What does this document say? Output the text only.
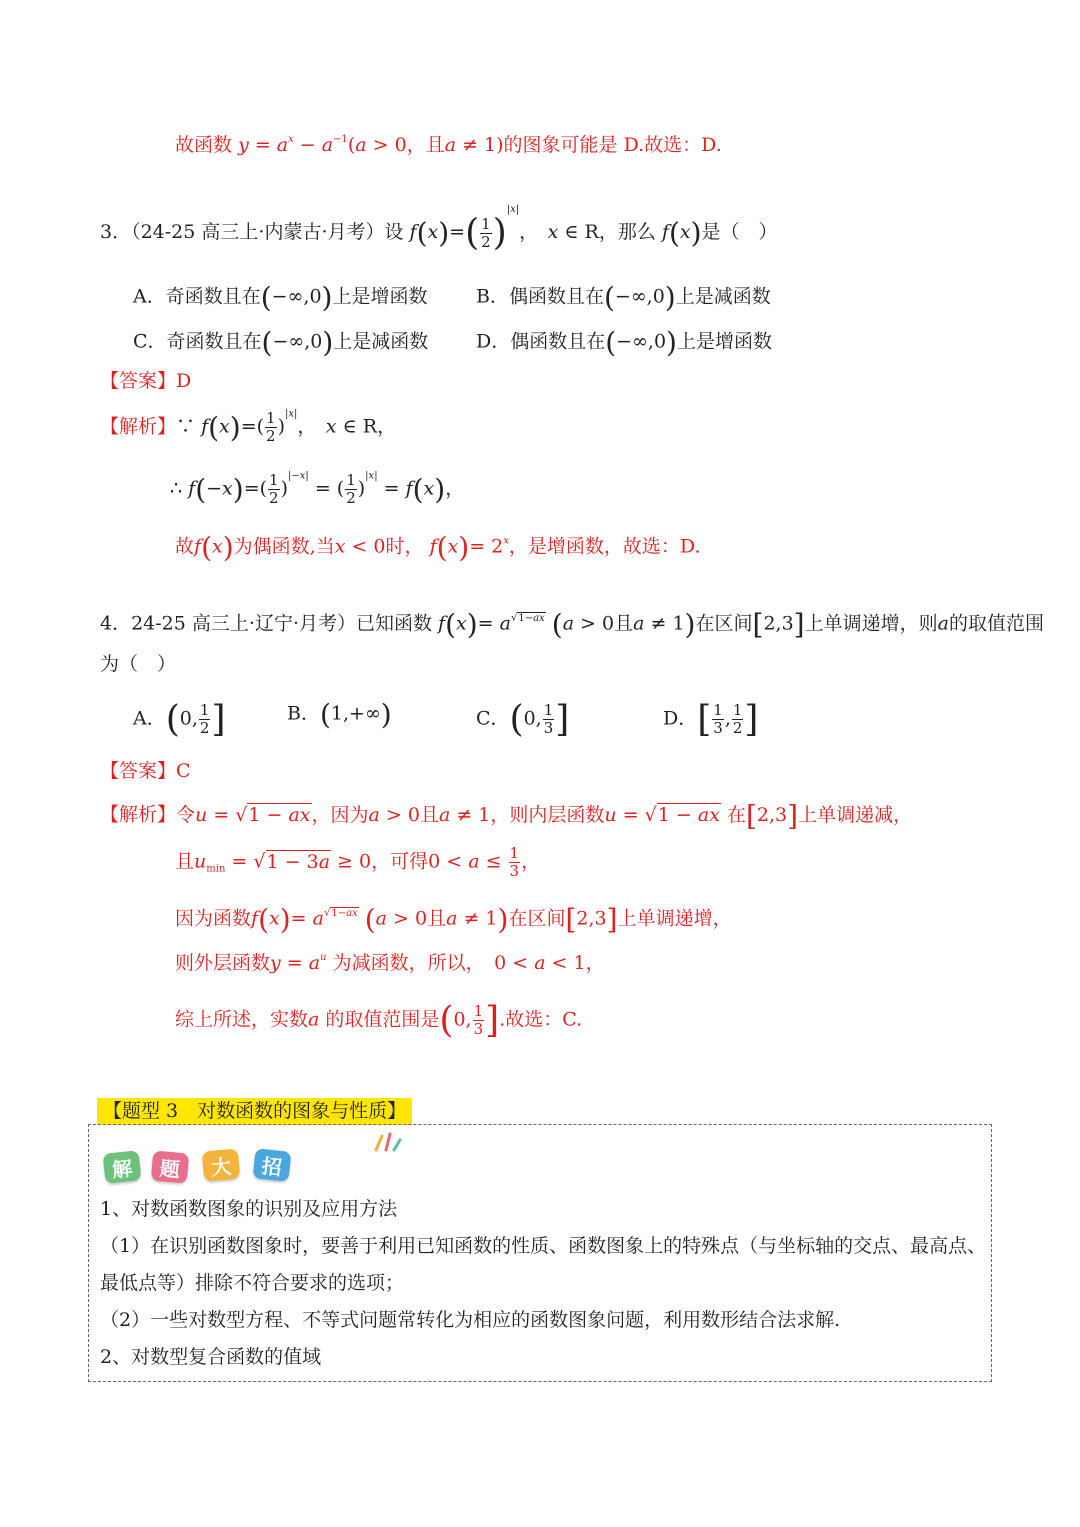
故函数 $y = a^x - a^{-1}(a > 0$，且a ≠ 1)的图象可能是 D.故选：D.
3．（24-25 高三上·内蒙古·月考）设 $f(x)=( \frac{1}{2} )^{|x|}$，　 x ∈ R，那么 f(x)是（　）
A．奇函数且在(−∞,0)上是增函数	B．偶函数且在(−∞,0)上是减函数
C．奇函数且在(−∞,0)上是减函数	D．偶函数且在(−∞,0)上是增函数
【答案】D
【解析】∵ $f(x)=( \frac{1}{2} )^{|x|}$，　x ∈ R，
∴ $f(-x)=( \frac{1}{2} )^{|-x|}$ = ( $\frac{1}{2} )^{|x|} = f(x)$，
故f(x)为偶函数,当x < 0时， $f(x)= 2^x$，是增函数，故选：D.
4．24-25 高三上·辽宁·月考）已知函数 $f(x)= a^{√1-ax}$ (a > 0且a ≠ 1)在区间[2,3]上单调递增，则a的取值范围
为（　）
A．(0, $\frac{1}{2}$ ]	B．(1,+∞)	C．(0, $\frac{1}{3}$ ]	D．[ $\frac{1}{3}$ , $\frac{1}{2}$ ]
【答案】C
【解析】令u = √1 − ax，因为a > 0且a ≠ 1，则内层函数u = √1 − ax 在[2,3]上单调递减，
且$u_{min} = √1 - 3a \ge 0$，可得$0 < a \le \frac{1}{3}$ ，
因为函数$f(x)= a^{√1-ax}$ (a > 0且a ≠ 1)在区间[2,3]上单调递增，
则外层函数$y = a^u$ 为减函数，所以，　0 < a < 1，
综上所述，实数a 的取值范围是(0, $\frac{1}{3}$ ].故选：C.
【题型 3　对数函数的图象与性质】
解 题 大 招
1、对数函数图象的识别及应用方法
（1）在识别函数图象时，要善于利用已知函数的性质、函数图象上的特殊点（与坐标轴的交点、最高点、
最低点等）排除不符合要求的选项；
（2）一些对数型方程、不等式问题常转化为相应的函数图象问题，利用数形结合法求解.
2、对数型复合函数的值域
